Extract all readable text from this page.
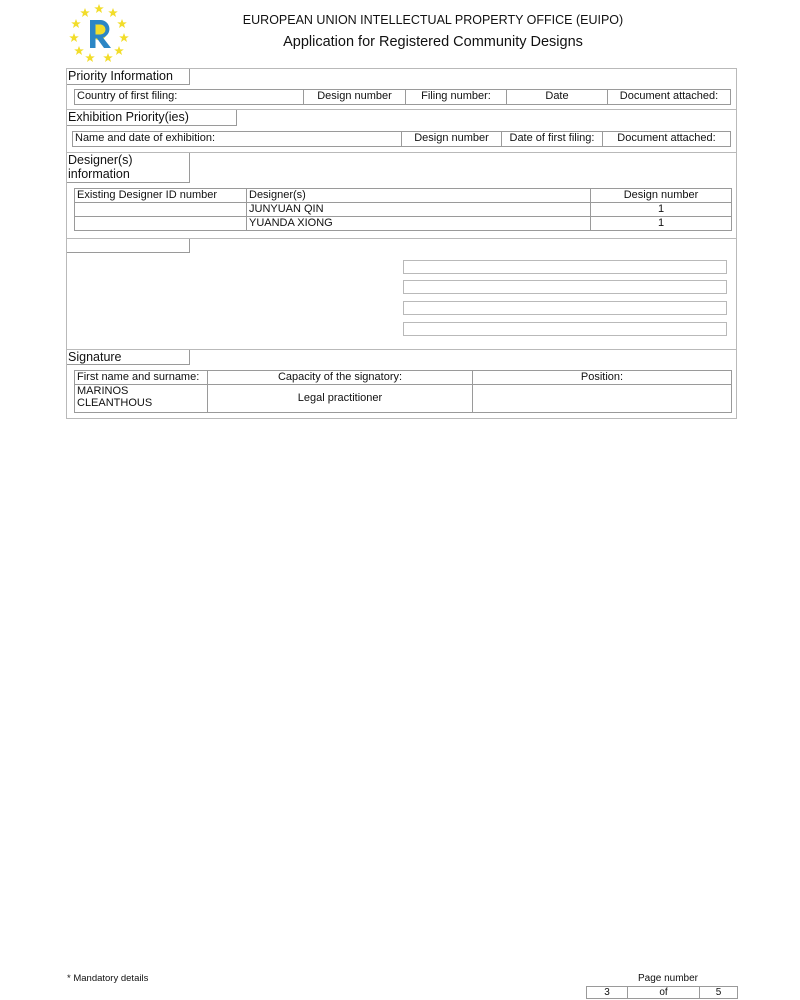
EUROPEAN UNION INTELLECTUAL PROPERTY OFFICE (EUIPO)
Application for Registered Community Designs
Priority Information
Country of first filing:	Design number	Filing number:	Date	Document attached:
Exhibition Priority(ies)
Name and date of exhibition:	Design number	Date of first filing:	Document attached:
Designer(s)
information
Existing Designer ID number	Designer(s)	Design number
	JUNYUAN QIN	1
	YUANDA XIONG	1
Signature
First name and surname:	Capacity of the signatory:	Position:
MARINOS
CLEANTHOUS	Legal practitioner	
* Mandatory details	Page number
3	of	5
